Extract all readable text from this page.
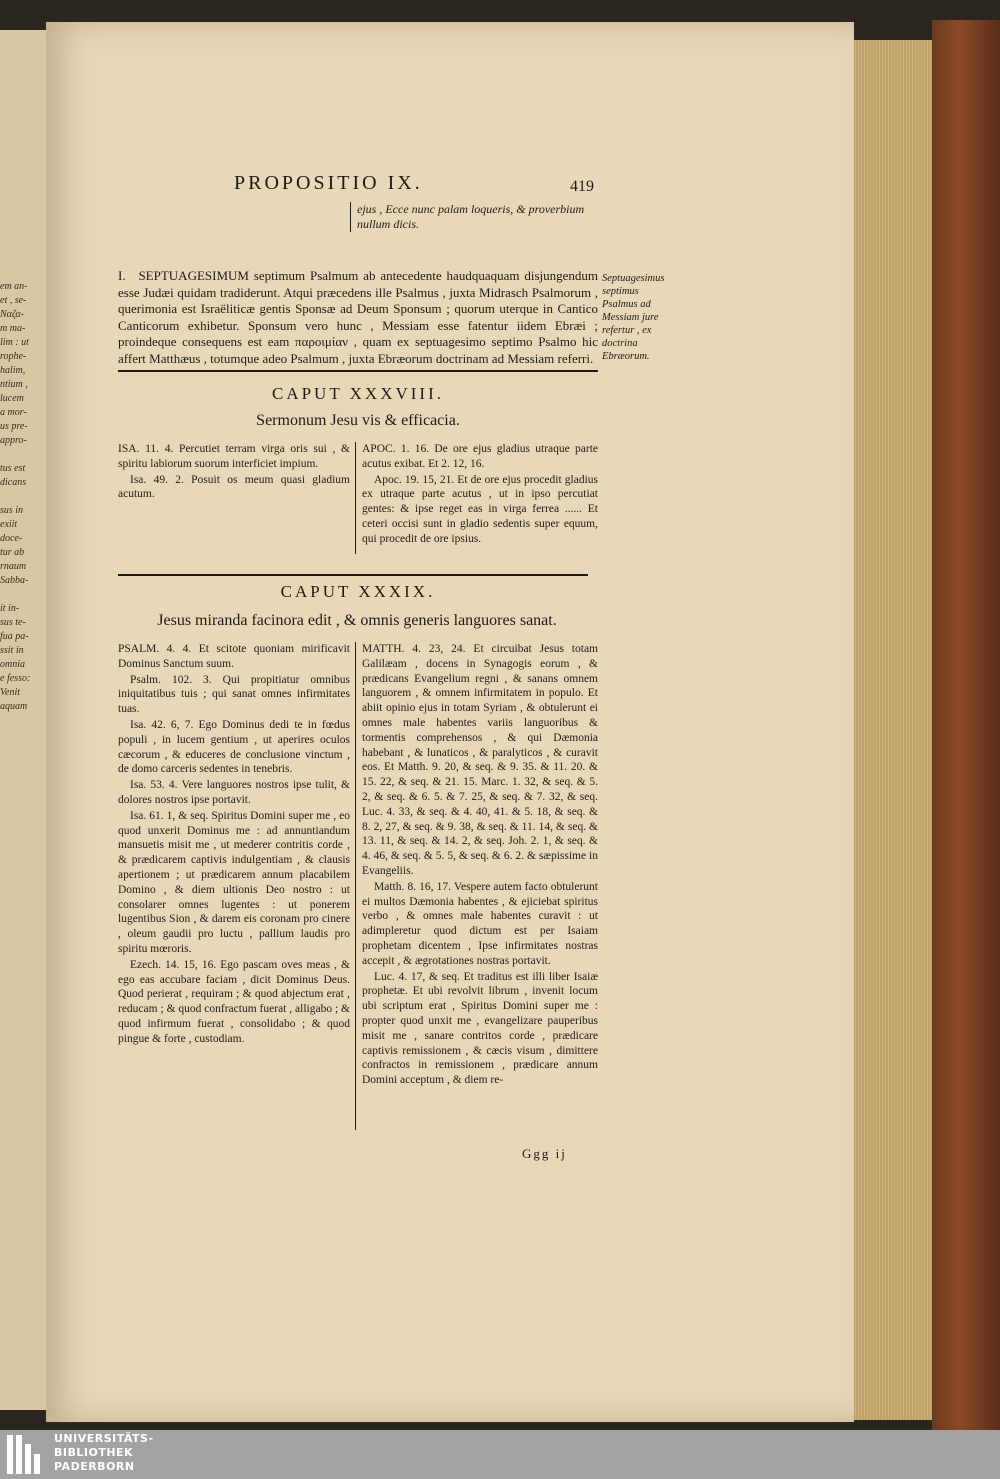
em an-
et , se-
Nαζα-
m ma-
lim : ut
rophe-
halim,
ntium ,
lucem
a mor-
us pre-
appro-

tus est
dicans

sus in
exiit
doce-
tur ab
rnaum
Sabba-

it in-
sus te-
fua pa-
ssit in
omnia
e fesso:
Venit
aquam
PROPOSITIO IX.	419
ejus , Ecce nunc palam loqueris, & proverbium nullum dicis.
I. SEPTUAGESIMUM septimum Psalmum ab antecedente haudquaquam disjungendum esse Judæi quidam tradiderunt. Atqui præcedens ille Psalmus , juxta Midrasch Psalmorum , querimonia est Israëliticæ gentis Sponsæ ad Deum Sponsum ; quorum uterque in Cantico Canticorum exhibetur. Sponsum vero hunc , Messiam esse fatentur iidem Ebræi ; proindeque consequens est eam παροιμίαν , quam ex septuagesimo septimo Psalmo hic affert Matthæus , totumque adeo Psalmum , juxta Ebræorum doctrinam ad Messiam referri.
Septuagesimus septimus Psalmus ad Messiam jure refertur , ex doctrina Ebræorum.
CAPUT XXXVIII.
Sermonum Jesu vis & efficacia.

ISA. 11. 4. Percutiet terram virga oris sui , & spiritu labiorum suorum interficiet impium.

Isa. 49. 2. Posuit os meum quasi gladium acutum.

APOC. 1. 16. De ore ejus gladius utraque parte acutus exibat. Et 2. 12, 16.

Apoc. 19. 15, 21. Et de ore ejus procedit gladius ex utraque parte acutus , ut in ipso percutiat gentes: & ipse reget eas in virga ferrea ...... Et ceteri occisi sunt in gladio sedentis super equum, qui procedit de ore ipsius.

CAPUT XXXIX.
Jesus miranda facinora edit , & omnis generis languores sanat.

PSALM. 4. 4. Et scitote quoniam mirificavit Dominus Sanctum suum.

Psalm. 102. 3. Qui propitiatur omnibus iniquitatibus tuis ; qui sanat omnes infirmitates tuas.

Isa. 42. 6, 7. Ego Dominus dedi te in fœdus populi , in lucem gentium , ut aperires oculos cæcorum , & educeres de conclusione vinctum , de domo carceris sedentes in tenebris.

Isa. 53. 4. Vere languores nostros ipse tulit, & dolores nostros ipse portavit.

Isa. 61. 1, & seq. Spiritus Domini super me , eo quod unxerit Dominus me : ad annuntiandum mansuetis misit me , ut mederer contritis corde , & prædicarem captivis indulgentiam , & clausis apertionem ; ut prædicarem annum placabilem Domino , & diem ultionis Deo nostro : ut consolarer omnes lugentes : ut ponerem lugentibus Sion , & darem eis coronam pro cinere , oleum gaudii pro luctu , pallium laudis pro spiritu mœroris.

Ezech. 14. 15, 16. Ego pascam oves meas , & ego eas accubare faciam , dicit Dominus Deus. Quod perierat , requiram ; & quod abjectum erat , reducam ; & quod confractum fuerat , alligabo ; & quod infirmum fuerat , consolidabo ; & quod pingue & forte , custodiam.

MATTH. 4. 23, 24. Et circuibat Jesus totam Galilæam , docens in Synagogis eorum , & prædicans Evangelium regni , & sanans omnem languorem , & omnem infirmitatem in populo. Et abiit opinio ejus in totam Syriam , & obtulerunt ei omnes male habentes variis languoribus & tormentis comprehensos , & qui Dæmonia habebant , & lunaticos , & paralyticos , & curavit eos. Et Matth. 9. 20, & seq. & 9. 35. & 11. 20. & 15. 22, & seq. & 21. 15. Marc. 1. 32, & seq. & 5. 2, & seq. & 6. 5. & 7. 25, & seq. & 7. 32, & seq. Luc. 4. 33, & seq. & 4. 40, 41. & 5. 18, & seq. & 8. 2, 27, & seq. & 9. 38, & seq. & 11. 14, & seq. & 13. 11, & seq. & 14. 2, & seq. Joh. 2. 1, & seq. & 4. 46, & seq. & 5. 5, & seq. & 6. 2. & sæpissime in Evangeliis.

Matth. 8. 16, 17. Vespere autem facto obtulerunt ei multos Dæmonia habentes , & ejiciebat spiritus verbo , & omnes male habentes curavit : ut adimpleretur quod dictum est per Isaiam prophetam dicentem , Ipse infirmitates nostras accepit , & ægrotationes nostras portavit.

Luc. 4. 17, & seq. Et traditus est illi liber Isaiæ prophetæ. Et ubi revolvit librum , invenit locum ubi scriptum erat , Spiritus Domini super me : propter quod unxit me , evangelizare pauperibus misit me , sanare contritos corde , prædicare captivis remissionem , & cæcis visum , dimittere confractos in remissionem , prædicare annum Domini acceptum , & diem re-

Ggg ij
UNIVERSITÄTS-
BIBLIOTHEK
PADERBORN
